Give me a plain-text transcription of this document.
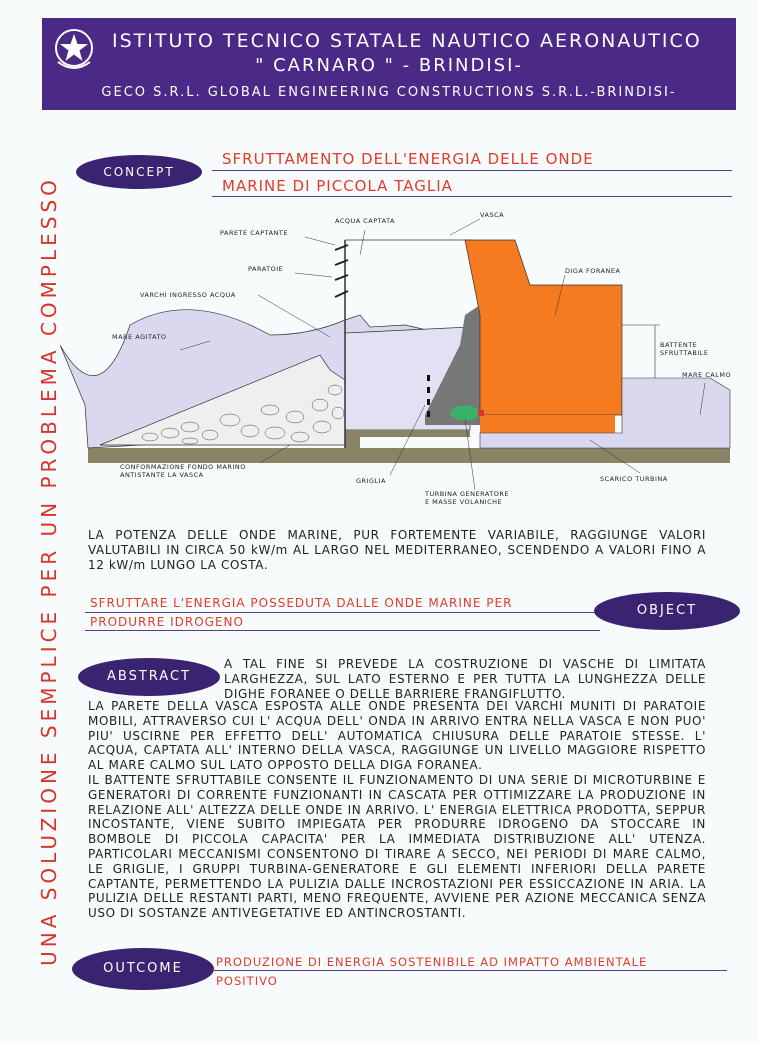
ISTITUTO TECNICO STATALE NAUTICO AERONAUTICO
" CARNARO " - BRINDISI-
GECO S.R.L. GLOBAL ENGINEERING CONSTRUCTIONS S.R.L.-BRINDISI-
UNA SOLUZIONE SEMPLICE PER UN PROBLEMA COMPLESSO
CONCEPT
SFRUTTAMENTO DELL'ENERGIA DELLE ONDE
MARINE DI PICCOLA TAGLIA
ACQUA CAPTATA
VASCA
PARETE CAPTANTE
PARATOIE	DIGA FORANEA
VARCHI INGRESSO ACQUA
MARE AGITATO
BATTENTE
SFRUTTABILE
MARE CALMO
CONFORMAZIONE FONDO MARINO
ANTISTANTE LA VASCA
GRIGLIA
TURBINA GENERATORE
E MASSE VOLANICHE
SCARICO TURBINA
LA POTENZA DELLE ONDE MARINE, PUR FORTEMENTE VARIABILE, RAGGIUNGE VALORI VALUTABILI IN CIRCA 50 kW/m AL LARGO NEL MEDITERRANEO, SCENDENDO A VALORI FINO A 12 kW/m LUNGO LA COSTA.
SFRUTTARE L'ENERGIA POSSEDUTA DALLE ONDE MARINE PER
PRODURRE IDROGENO
OBJECT
ABSTRACT
A TAL FINE SI PREVEDE LA COSTRUZIONE DI VASCHE DI LIMITATA LARGHEZZA, SUL LATO ESTERNO E PER TUTTA LA LUNGHEZZA DELLE DIGHE FORANEE O DELLE BARRIERE FRANGIFLUTTO.
LA PARETE DELLA VASCA ESPOSTA ALLE ONDE PRESENTA DEI VARCHI MUNITI DI PARATOIE MOBILI, ATTRAVERSO CUI L' ACQUA DELL' ONDA IN ARRIVO ENTRA NELLA VASCA E NON PUO' PIU' USCIRNE PER EFFETTO DELL' AUTOMATICA CHIUSURA DELLE PARATOIE STESSE. L' ACQUA, CAPTATA ALL' INTERNO DELLA VASCA, RAGGIUNGE UN LIVELLO MAGGIORE RISPETTO AL MARE CALMO SUL LATO OPPOSTO DELLA DIGA FORANEA.
IL BATTENTE SFRUTTABILE CONSENTE IL FUNZIONAMENTO DI UNA SERIE DI MICROTURBINE E GENERATORI DI CORRENTE FUNZIONANTI IN CASCATA PER OTTIMIZZARE LA PRODUZIONE IN RELAZIONE ALL' ALTEZZA DELLE ONDE IN ARRIVO. L' ENERGIA ELETTRICA PRODOTTA, SEPPUR INCOSTANTE, VIENE SUBITO IMPIEGATA PER PRODURRE IDROGENO DA STOCCARE IN BOMBOLE DI PICCOLA CAPACITA' PER LA IMMEDIATA DISTRIBUZIONE ALL' UTENZA. PARTICOLARI MECCANISMI CONSENTONO DI TIRARE A SECCO, NEI PERIODI DI MARE CALMO, LE GRIGLIE, I GRUPPI TURBINA-GENERATORE E GLI ELEMENTI INFERIORI DELLA PARETE CAPTANTE, PERMETTENDO LA PULIZIA DALLE INCROSTAZIONI PER ESSICCAZIONE IN ARIA. LA PULIZIA DELLE RESTANTI PARTI, MENO FREQUENTE, AVVIENE PER AZIONE MECCANICA SENZA USO DI SOSTANZE ANTIVEGETATIVE ED ANTINCROSTANTI.
OUTCOME	PRODUZIONE DI ENERGIA SOSTENIBILE AD IMPATTO AMBIENTALE
POSITIVO
